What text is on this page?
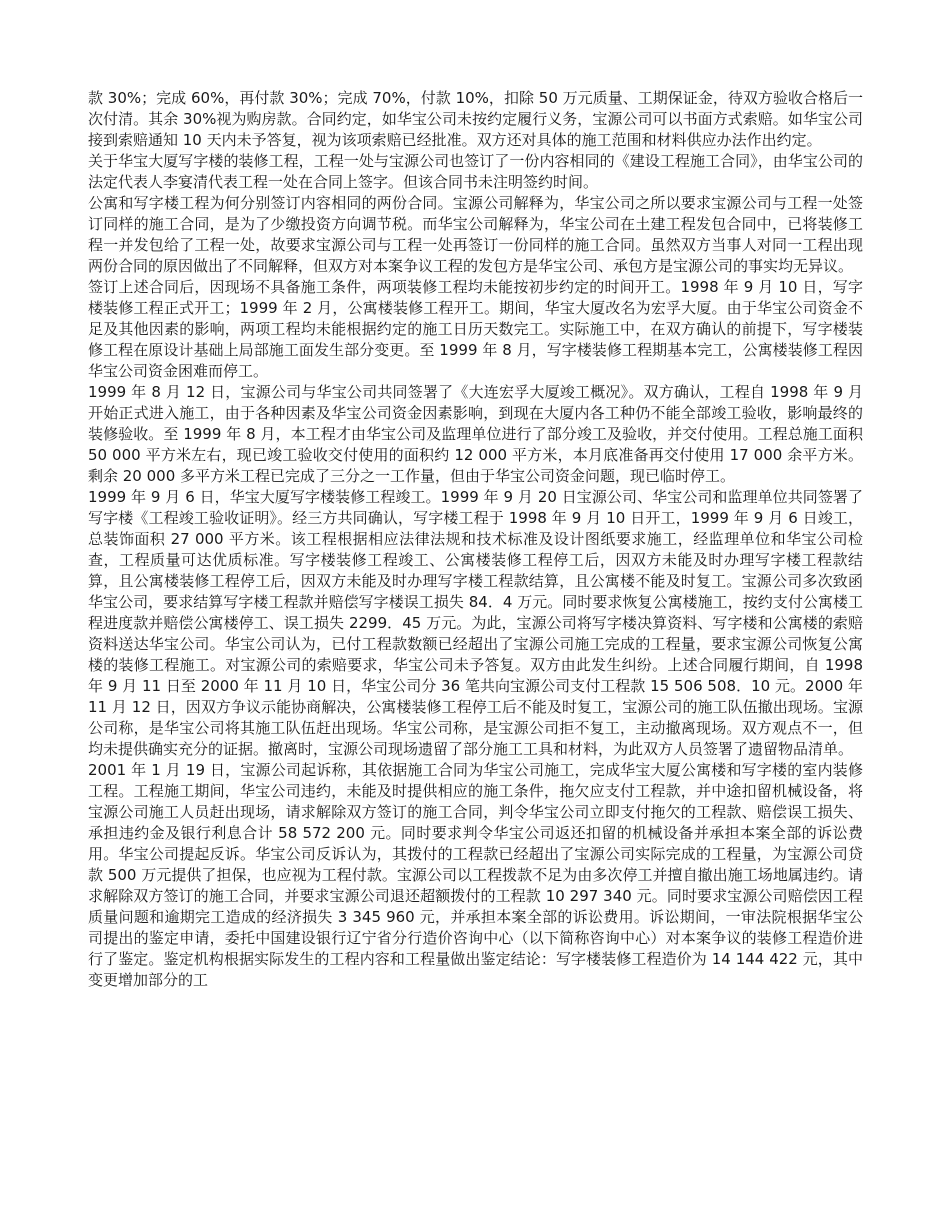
款 30%；完成 60%，再付款 30%；完成 70%，付款 10%，扣除 50 万元质量、工期保证金，待双方验收合格后一次付清。其余 30%视为购房款。合同约定，如华宝公司未按约定履行义务，宝源公司可以书面方式索赔。如华宝公司接到索赔通知 10 天内未予答复，视为该项索赔已经批准。双方还对具体的施工范围和材料供应办法作出约定。

关于华宝大厦写字楼的装修工程，工程一处与宝源公司也签订了一份内容相同的《建设工程施工合同》，由华宝公司的法定代表人李宴清代表工程一处在合同上签字。但该合同书未注明签约时间。

公寓和写字楼工程为何分别签订内容相同的两份合同。宝源公司解释为，华宝公司之所以要求宝源公司与工程一处签订同样的施工合同，是为了少缴投资方向调节税。而华宝公司解释为，华宝公司在土建工程发包合同中，已将装修工程一并发包给了工程一处，故要求宝源公司与工程一处再签订一份同样的施工合同。虽然双方当事人对同一工程出现两份合同的原因做出了不同解释，但双方对本案争议工程的发包方是华宝公司、承包方是宝源公司的事实均无异议。

签订上述合同后，因现场不具备施工条件，两项装修工程均未能按初步约定的时间开工。1998 年 9 月 10 日，写字楼装修工程正式开工；1999 年 2 月，公寓楼装修工程开工。期间，华宝大厦改名为宏孚大厦。由于华宝公司资金不足及其他因素的影响，两项工程均未能根据约定的施工日历天数完工。实际施工中，在双方确认的前提下，写字楼装修工程在原设计基础上局部施工面发生部分变更。至 1999 年 8 月，写字楼装修工程期基本完工，公寓楼装修工程因华宝公司资金困难而停工。

1999 年 8 月 12 日，宝源公司与华宝公司共同签署了《大连宏孚大厦竣工概况》。双方确认，工程自 1998 年 9 月开始正式进入施工，由于各种因素及华宝公司资金因素影响，到现在大厦内各工种仍不能全部竣工验收，影响最终的装修验收。至 1999 年 8 月，本工程才由华宝公司及监理单位进行了部分竣工及验收，并交付使用。工程总施工面积 50 000 平方米左右，现已竣工验收交付使用的面积约 12 000 平方米，本月底准备再交付使用 17 000 余平方米。剩余 20 000 多平方米工程已完成了三分之一工作量，但由于华宝公司资金问题，现已临时停工。

1999 年 9 月 6 日，华宝大厦写字楼装修工程竣工。1999 年 9 月 20 日宝源公司、华宝公司和监理单位共同签署了写字楼《工程竣工验收证明》。经三方共同确认，写字楼工程于 1998 年 9 月 10 日开工，1999 年 9 月 6 日竣工，总装饰面积 27 000 平方米。该工程根据相应法律法规和技术标准及设计图纸要求施工，经监理单位和华宝公司检查，工程质量可达优质标准。写字楼装修工程竣工、公寓楼装修工程停工后，因双方未能及时办理写字楼工程款结算，且公寓楼装修工程停工后，因双方未能及时办理写字楼工程款结算，且公寓楼不能及时复工。宝源公司多次致函华宝公司，要求结算写字楼工程款并赔偿写字楼误工损失 84．4 万元。同时要求恢复公寓楼施工，按约支付公寓楼工程进度款并赔偿公寓楼停工、误工损失 2299．45 万元。为此，宝源公司将写字楼决算资料、写字楼和公寓楼的索赔资料送达华宝公司。华宝公司认为，已付工程款数额已经超出了宝源公司施工完成的工程量，要求宝源公司恢复公寓楼的装修工程施工。对宝源公司的索赔要求，华宝公司未予答复。双方由此发生纠纷。上述合同履行期间，自 1998 年 9 月 11 日至 2000 年 11 月 10 日，华宝公司分 36 笔共向宝源公司支付工程款 15 506 508．10 元。2000 年 11 月 12 日，因双方争议示能协商解决，公寓楼装修工程停工后不能及时复工，宝源公司的施工队伍撤出现场。宝源公司称，是华宝公司将其施工队伍赶出现场。华宝公司称，是宝源公司拒不复工，主动撤离现场。双方观点不一，但均未提供确实充分的证据。撤离时，宝源公司现场遗留了部分施工工具和材料，为此双方人员签署了遗留物品清单。

2001 年 1 月 19 日，宝源公司起诉称，其依据施工合同为华宝公司施工，完成华宝大厦公寓楼和写字楼的室内装修工程。工程施工期间，华宝公司违约，未能及时提供相应的施工条件，拖欠应支付工程款，并中途扣留机械设备，将宝源公司施工人员赶出现场，请求解除双方签订的施工合同，判令华宝公司立即支付拖欠的工程款、赔偿误工损失、承担违约金及银行利息合计 58 572 200 元。同时要求判令华宝公司返还扣留的机械设备并承担本案全部的诉讼费用。华宝公司提起反诉。华宝公司反诉认为，其拨付的工程款已经超出了宝源公司实际完成的工程量，为宝源公司贷款 500 万元提供了担保，也应视为工程付款。宝源公司以工程拨款不足为由多次停工并擅自撤出施工场地属违约。请求解除双方签订的施工合同，并要求宝源公司退还超额拨付的工程款 10 297 340 元。同时要求宝源公司赔偿因工程质量问题和逾期完工造成的经济损失 3 345 960 元，并承担本案全部的诉讼费用。诉讼期间，一审法院根据华宝公司提出的鉴定申请，委托中国建设银行辽宁省分行造价咨询中心（以下简称咨询中心）对本案争议的装修工程造价进行了鉴定。鉴定机构根据实际发生的工程内容和工程量做出鉴定结论：写字楼装修工程造价为 14 144 422 元，其中变更增加部分的工
